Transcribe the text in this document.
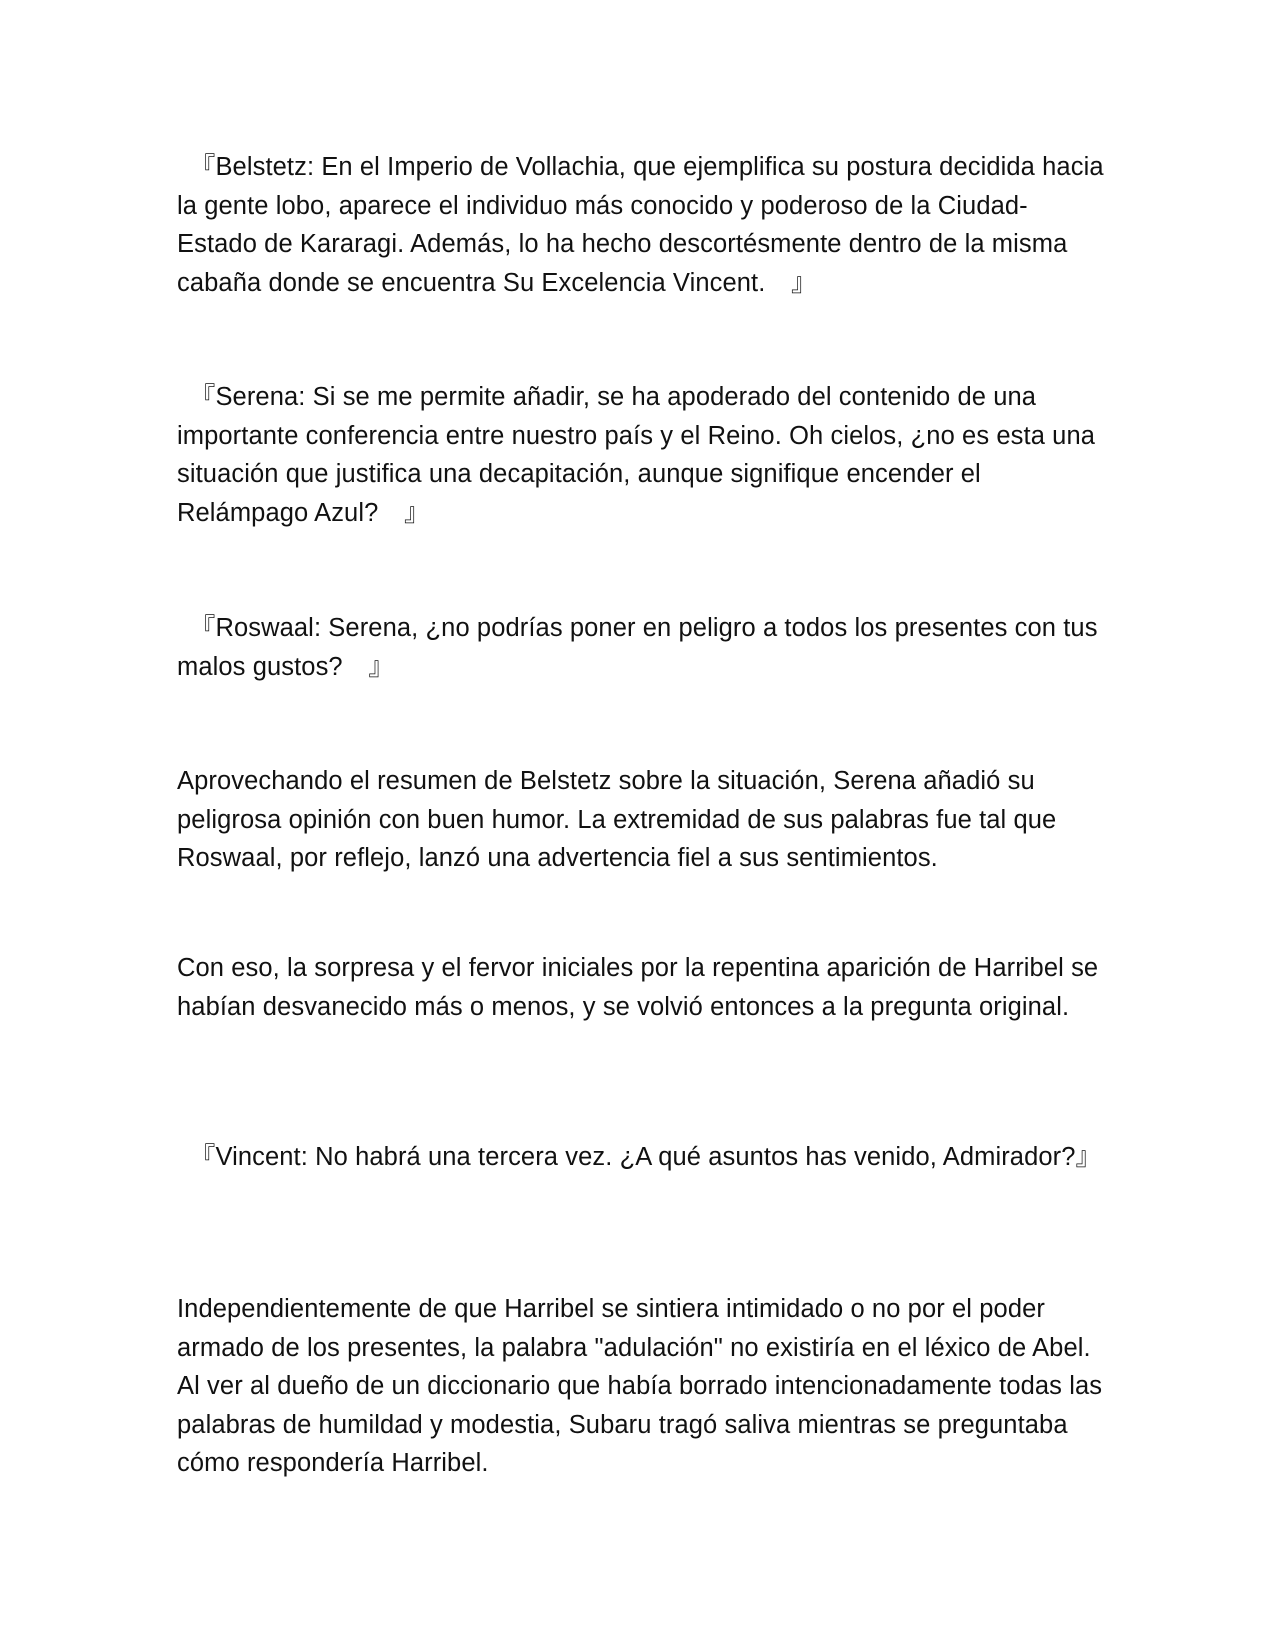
　『Belstetz: En el Imperio de Vollachia, que ejemplifica su postura decidida hacia la gente lobo, aparece el individuo más conocido y poderoso de la Ciudad-Estado de Kararagi. Además, lo ha hecho descortésmente dentro de la misma cabaña donde se encuentra Su Excelencia Vincent.　』

　『Serena: Si se me permite añadir, se ha apoderado del contenido de una importante conferencia entre nuestro país y el Reino. Oh cielos, ¿no es esta una situación que justifica una decapitación, aunque signifique encender el Relámpago Azul?　』

　『Roswaal: Serena, ¿no podrías poner en peligro a todos los presentes con tus malos gustos?　』

Aprovechando el resumen de Belstetz sobre la situación, Serena añadió su peligrosa opinión con buen humor. La extremidad de sus palabras fue tal que Roswaal, por reflejo, lanzó una advertencia fiel a sus sentimientos.

Con eso, la sorpresa y el fervor iniciales por la repentina aparición de Harribel se habían desvanecido más o menos, y se volvió entonces a la pregunta original.

　『Vincent: No habrá una tercera vez. ¿A qué asuntos has venido, Admirador?』

Independientemente de que Harribel se sintiera intimidado o no por el poder armado de los presentes, la palabra "adulación" no existiría en el léxico de Abel. Al ver al dueño de un diccionario que había borrado intencionadamente todas las palabras de humildad y modestia, Subaru tragó saliva mientras se preguntaba cómo respondería Harribel.
